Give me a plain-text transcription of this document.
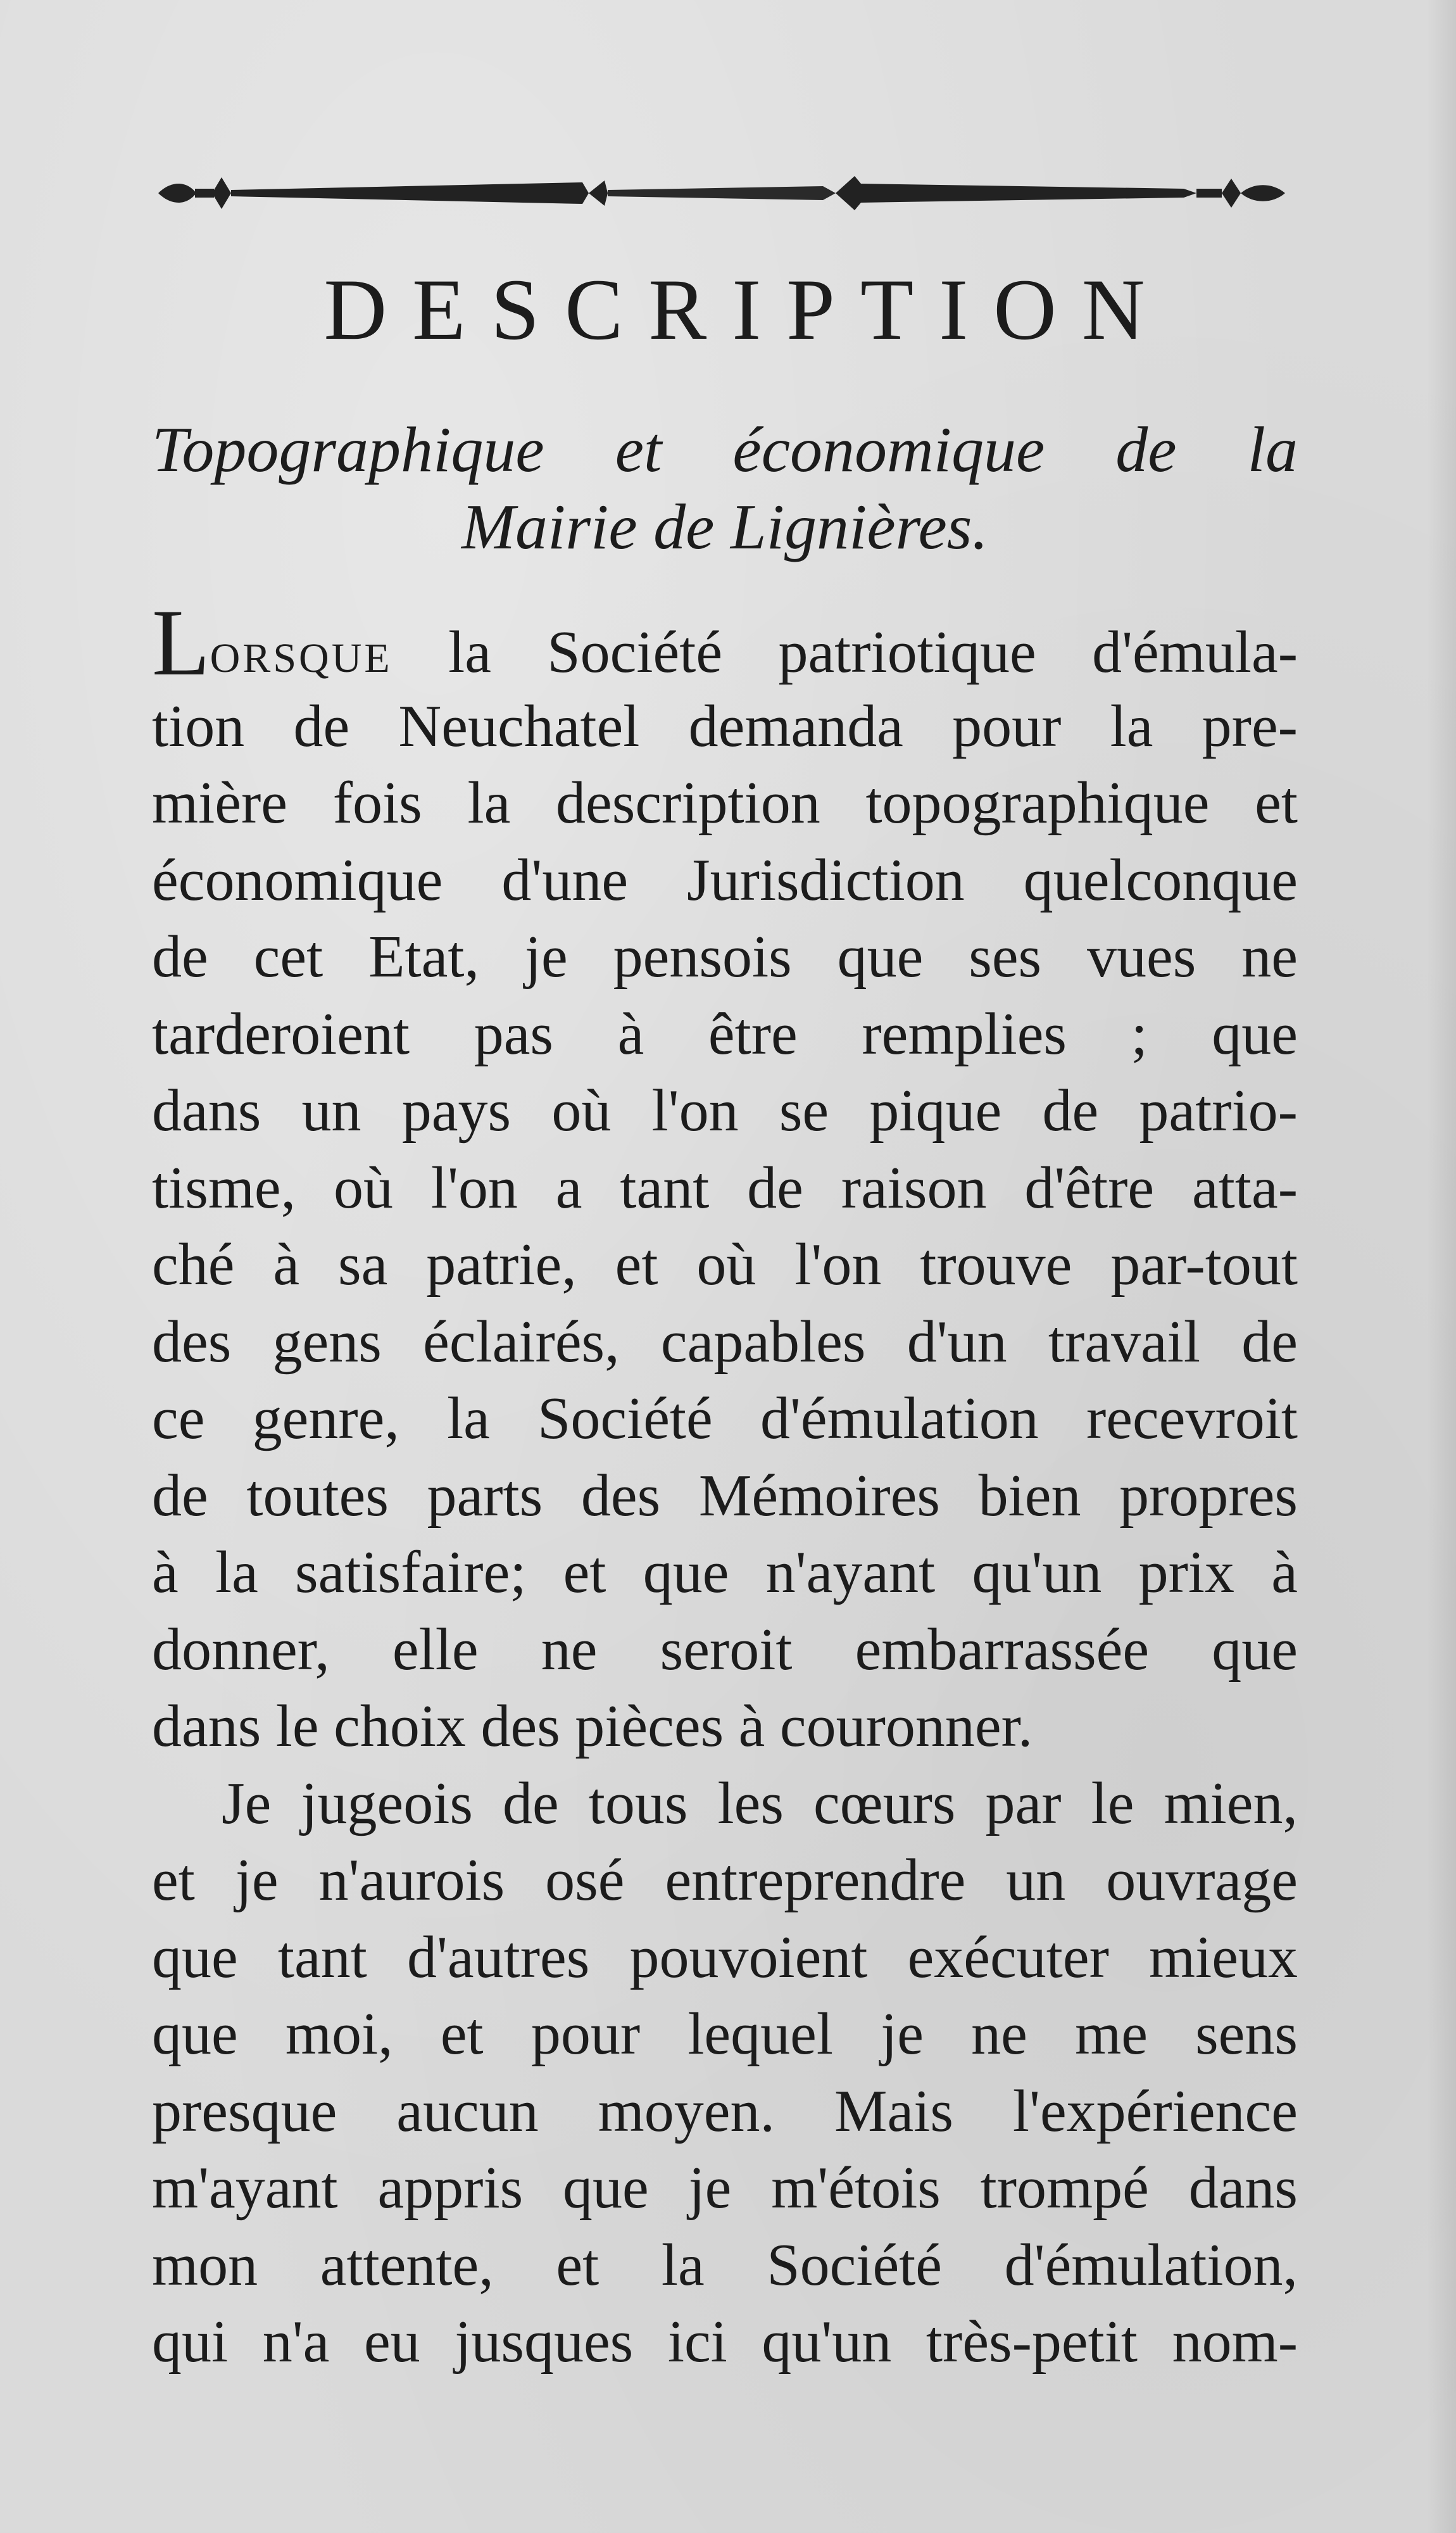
DESCRIPTION
Topographique et économique de la
Mairie de Lignières.
Lorsque la Société patriotique d'émula-
tion de Neuchatel demanda pour la pre-
mière fois la description topographique et
économique d'une Jurisdiction quelconque
de cet Etat, je pensois que ses vues ne
tarderoient pas à être remplies ; que
dans un pays où l'on se pique de patrio-
tisme, où l'on a tant de raison d'être atta-
ché à sa patrie, et où l'on trouve par-tout
des gens éclairés, capables d'un travail de
ce genre, la Société d'émulation recevroit
de toutes parts des Mémoires bien propres
à la satisfaire; et que n'ayant qu'un prix à
donner, elle ne seroit embarrassée que
dans le choix des pièces à couronner.
Je jugeois de tous les cœurs par le mien,
et je n'aurois osé entreprendre un ouvrage
que tant d'autres pouvoient exécuter mieux
que moi, et pour lequel je ne me sens
presque aucun moyen. Mais l'expérience
m'ayant appris que je m'étois trompé dans
mon attente, et la Société d'émulation,
qui n'a eu jusques ici qu'un très-petit nom-
